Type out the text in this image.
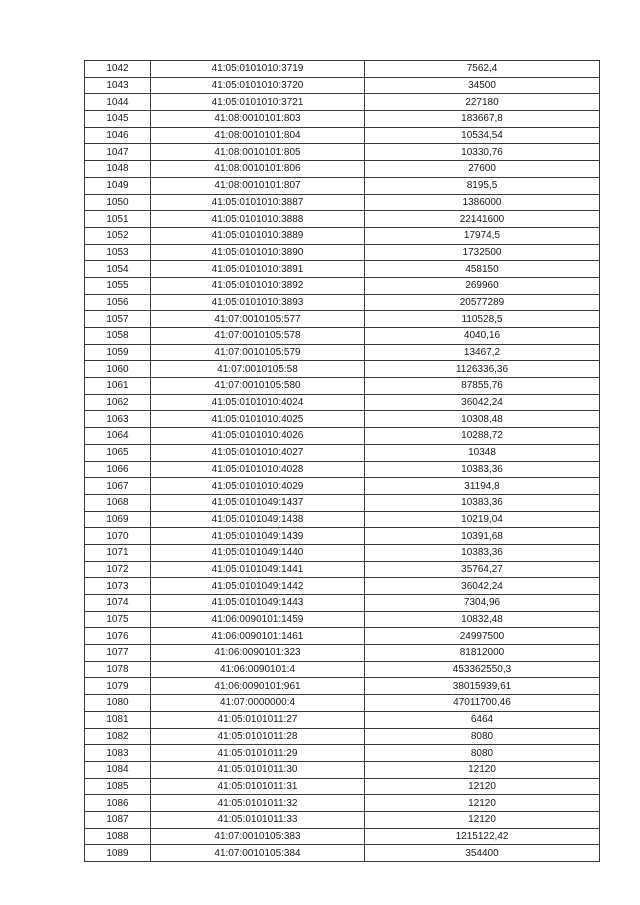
1042	41:05:0101010:3719	7562,4
1043	41:05:0101010:3720	34500
1044	41:05:0101010:3721	227180
1045	41:08:0010101:803	183667,8
1046	41:08:0010101:804	10534,54
1047	41:08:0010101:805	10330,76
1048	41:08:0010101:806	27600
1049	41:08:0010101:807	8195,5
1050	41:05:0101010:3887	1386000
1051	41:05:0101010:3888	22141600
1052	41:05:0101010:3889	17974,5
1053	41:05:0101010:3890	1732500
1054	41:05:0101010:3891	458150
1055	41:05:0101010:3892	269960
1056	41:05:0101010:3893	20577289
1057	41:07:0010105:577	110528,5
1058	41:07:0010105:578	4040,16
1059	41:07:0010105:579	13467,2
1060	41:07:0010105:58	1126336,36
1061	41:07:0010105:580	87855,76
1062	41:05:0101010:4024	36042,24
1063	41:05:0101010:4025	10308,48
1064	41:05:0101010:4026	10288,72
1065	41:05:0101010:4027	10348
1066	41:05:0101010:4028	10383,36
1067	41:05:0101010:4029	31194,8
1068	41:05:0101049:1437	10383,36
1069	41:05:0101049:1438	10219,04
1070	41:05:0101049:1439	10391,68
1071	41:05:0101049:1440	10383,36
1072	41:05:0101049:1441	35764,27
1073	41:05:0101049:1442	36042,24
1074	41:05:0101049:1443	7304,96
1075	41:06:0090101:1459	10832,48
1076	41:06:0090101:1461	24997500
1077	41:06:0090101:323	81812000
1078	41:06:0090101:4	453362550,3
1079	41:06:0090101:961	38015939,61
1080	41:07:0000000:4	47011700,46
1081	41:05:0101011:27	6464
1082	41:05:0101011:28	8080
1083	41:05:0101011:29	8080
1084	41:05:0101011:30	12120
1085	41:05:0101011:31	12120
1086	41:05:0101011:32	12120
1087	41:05:0101011:33	12120
1088	41:07:0010105:383	1215122,42
1089	41:07:0010105:384	354400
